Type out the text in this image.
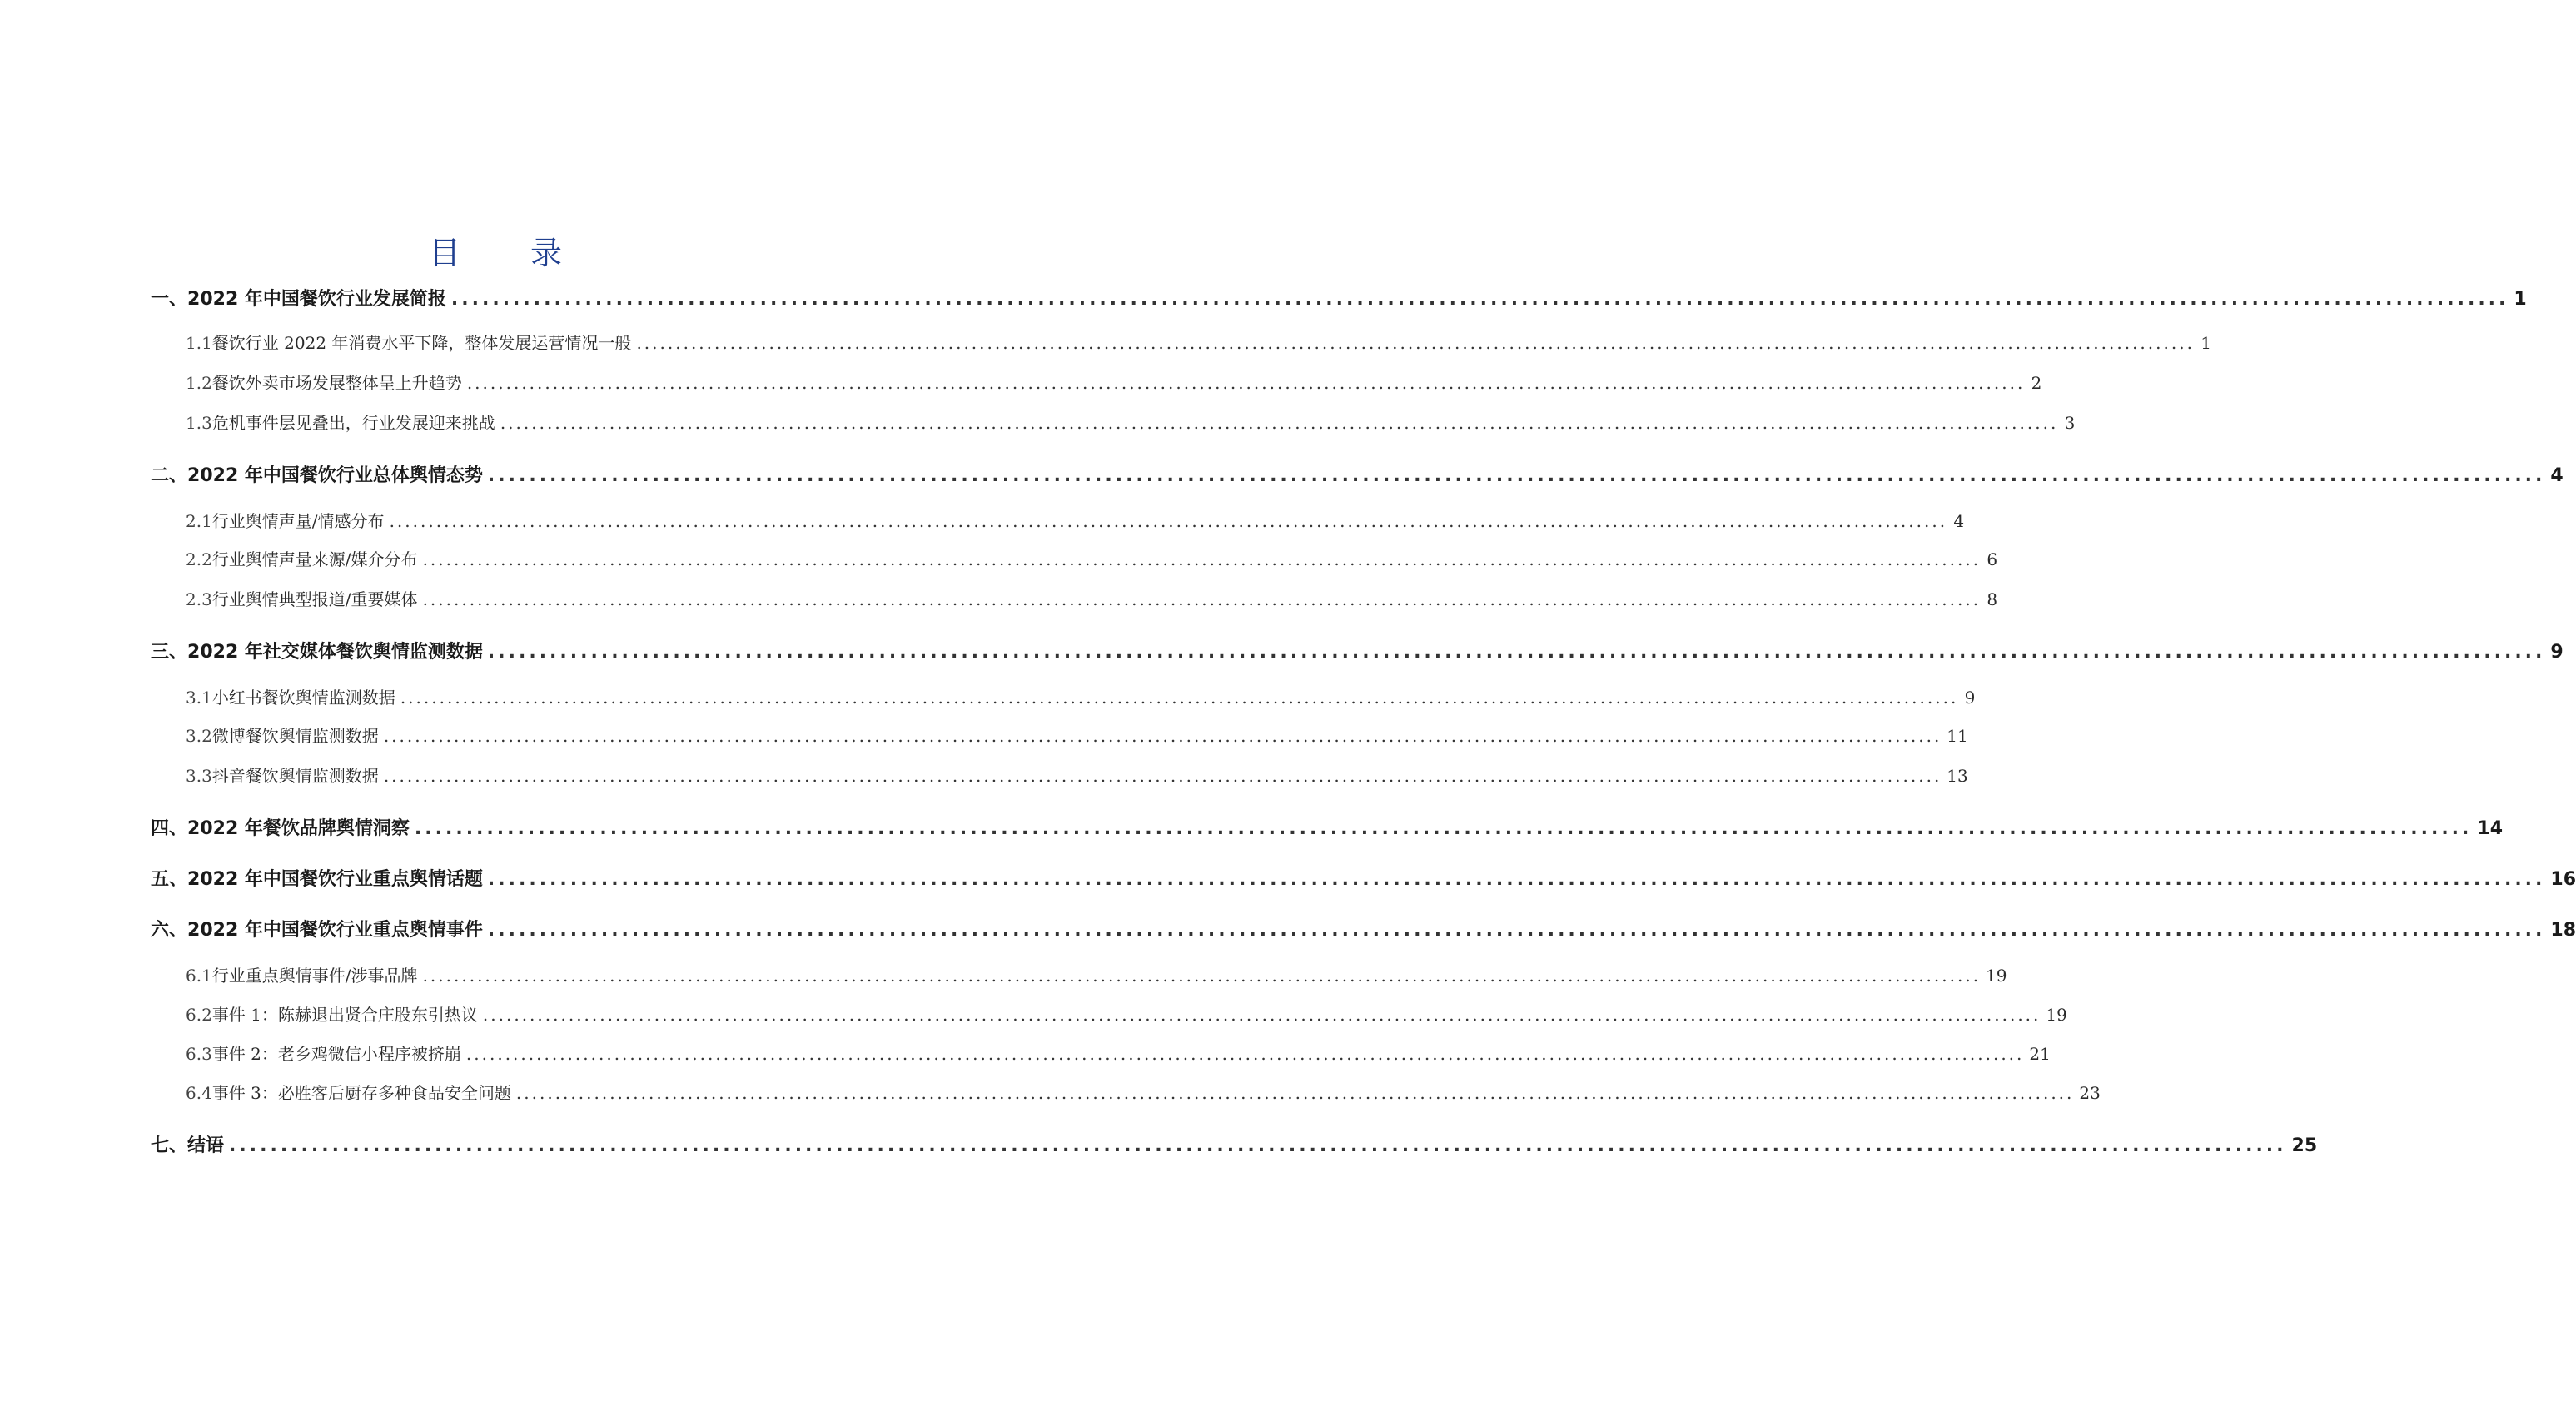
目 录
一、 2022 年中国餐饮行业发展简报 ........................................................................................................................................................................................................ 1
1.1 餐饮行业 2022 年消费水平下降，整体发展运营情况一般 ........................................................................................................................................................................................................ 1
1.2 餐饮外卖市场发展整体呈上升趋势 ........................................................................................................................................................................................................ 2
1.3 危机事件层见叠出，行业发展迎来挑战 ........................................................................................................................................................................................................ 3
二、 2022 年中国餐饮行业总体舆情态势 ........................................................................................................................................................................................................ 4
2.1 行业舆情声量/情感分布 ........................................................................................................................................................................................................ 4
2.2 行业舆情声量来源/媒介分布 ........................................................................................................................................................................................................ 6
2.3 行业舆情典型报道/重要媒体 ........................................................................................................................................................................................................ 8
三、 2022 年社交媒体餐饮舆情监测数据 ........................................................................................................................................................................................................ 9
3.1 小红书餐饮舆情监测数据 ........................................................................................................................................................................................................ 9
3.2 微博餐饮舆情监测数据 ........................................................................................................................................................................................................ 11
3.3 抖音餐饮舆情监测数据 ........................................................................................................................................................................................................ 13
四、 2022 年餐饮品牌舆情洞察 ........................................................................................................................................................................................................ 14
五、 2022 年中国餐饮行业重点舆情话题 ........................................................................................................................................................................................................ 16
六、 2022 年中国餐饮行业重点舆情事件 ........................................................................................................................................................................................................ 18
6.1 行业重点舆情事件/涉事品牌 ........................................................................................................................................................................................................ 19
6.2 事件 1：陈赫退出贤合庄股东引热议 ........................................................................................................................................................................................................ 19
6.3 事件 2：老乡鸡微信小程序被挤崩 ........................................................................................................................................................................................................ 21
6.4 事件 3：必胜客后厨存多种食品安全问题 ........................................................................................................................................................................................................ 23
七、 结语 ........................................................................................................................................................................................................ 25
